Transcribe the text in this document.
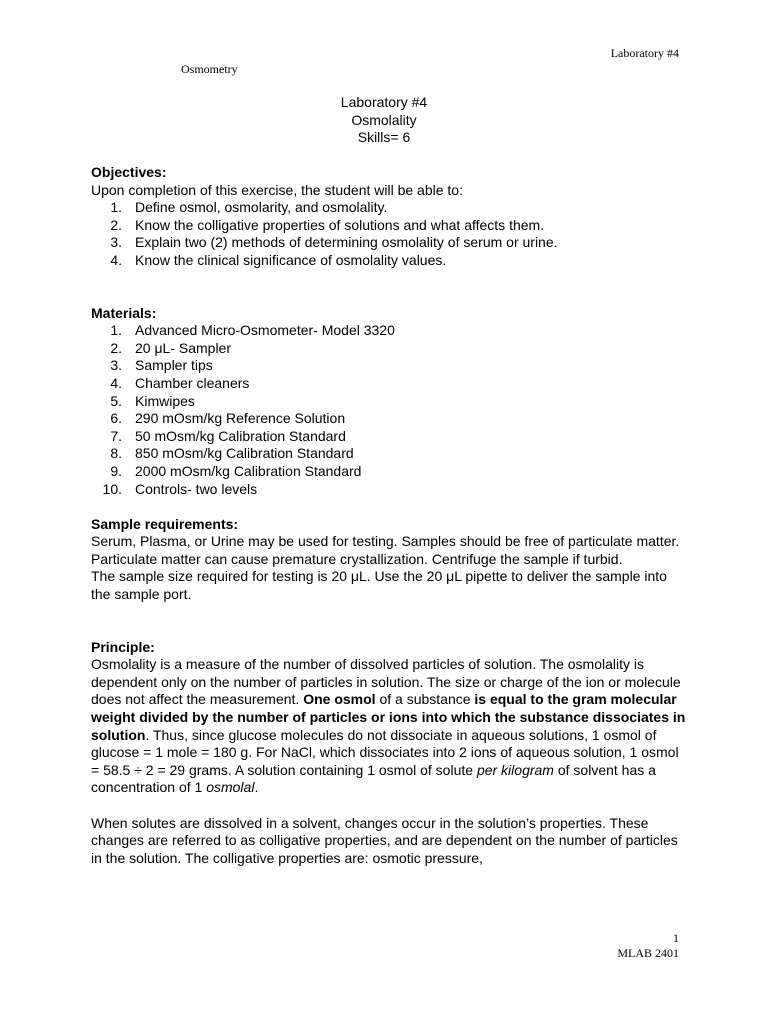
Laboratory #4
Osmometry
Laboratory #4
Osmolality
Skills= 6
Objectives:
Upon completion of this exercise, the student will be able to:
1. Define osmol, osmolarity, and osmolality.
2. Know the colligative properties of solutions and what affects them.
3. Explain two (2) methods of determining osmolality of serum or urine.
4. Know the clinical significance of osmolality values.
Materials:
1. Advanced Micro-Osmometer- Model 3320
2. 20 μL- Sampler
3. Sampler tips
4. Chamber cleaners
5. Kimwipes
6. 290 mOsm/kg Reference Solution
7. 50 mOsm/kg Calibration Standard
8. 850 mOsm/kg Calibration Standard
9. 2000 mOsm/kg Calibration Standard
10. Controls- two levels
Sample requirements:

Serum, Plasma, or Urine may be used for testing. Samples should be free of particulate matter. Particulate matter can cause premature crystallization. Centrifuge the sample if turbid.

The sample size required for testing is 20 μL. Use the 20 μL pipette to deliver the sample into the sample port.

Principle:

Osmolality is a measure of the number of dissolved particles of solution. The osmolality is dependent only on the number of particles in solution. The size or charge of the ion or molecule does not affect the measurement. One osmol of a substance is equal to the gram molecular weight divided by the number of particles or ions into which the substance dissociates in solution. Thus, since glucose molecules do not dissociate in aqueous solutions, 1 osmol of glucose = 1 mole = 180 g. For NaCl, which dissociates into 2 ions of aqueous solution, 1 osmol = 58.5 ÷ 2 = 29 grams. A solution containing 1 osmol of solute per kilogram of solvent has a concentration of 1 osmolal.

When solutes are dissolved in a solvent, changes occur in the solution’s properties. These changes are referred to as colligative properties, and are dependent on the number of particles in the solution. The colligative properties are: osmotic pressure,

1
MLAB 2401
